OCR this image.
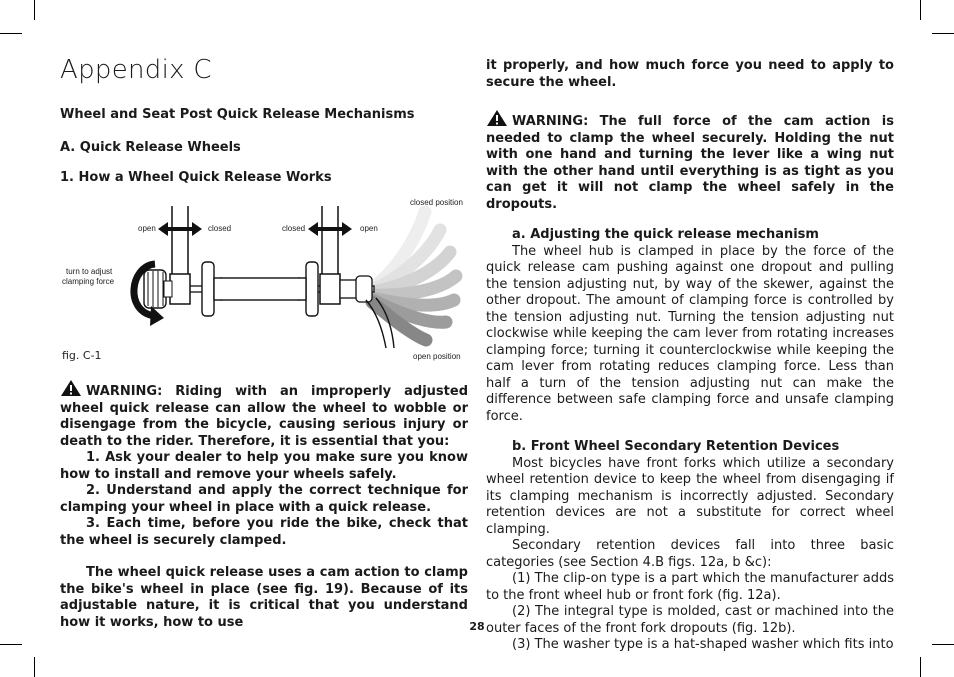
Appendix C

Wheel and Seat Post Quick Release Mechanisms

A. Quick Release Wheels

1. How a Wheel Quick Release Works

open	closed	closed	open
closed position
open position
turn to adjust
clamping force
fig. C-1

WARNING: Riding with an improperly adjusted wheel quick release can allow the wheel to wobble or disengage from the bicycle, causing serious injury or death to the rider. Therefore, it is essential that you:

1. Ask your dealer to help you make sure you know how to install and remove your wheels safely.

2. Understand and apply the correct technique for clamping your wheel in place with a quick release.

3. Each time, before you ride the bike, check that the wheel is securely clamped.

The wheel quick release uses a cam action to clamp the bike's wheel in place (see fig. 19). Because of its adjustable nature, it is critical that you understand how it works, how to use

it properly, and how much force you need to apply to secure the wheel.

WARNING: The full force of the cam action is needed to clamp the wheel securely. Holding the nut with one hand and turning the lever like a wing nut with the other hand until everything is as tight as you can get it will not clamp the wheel safely in the dropouts.

a. Adjusting the quick release mechanism

The wheel hub is clamped in place by the force of the quick release cam pushing against one dropout and pulling the tension adjusting nut, by way of the skewer, against the other dropout. The amount of clamping force is controlled by the tension adjusting nut. Turning the tension adjusting nut clockwise while keeping the cam lever from rotating increases clamping force; turning it counterclockwise while keeping the cam lever from rotating reduces clamping force. Less than half a turn of the tension adjusting nut can make the difference between safe clamping force and unsafe clamping force.

b. Front Wheel Secondary Retention Devices

Most bicycles have front forks which utilize a secondary wheel retention device to keep the wheel from disengaging if its clamping mechanism is incorrectly adjusted. Secondary retention devices are not a substitute for correct wheel clamping.

Secondary retention devices fall into three basic categories (see Section 4.B figs. 12a, b &c):

(1) The clip-on type is a part which the manufacturer adds to the front wheel hub or front fork (fig. 12a).

(2) The integral type is molded, cast or machined into the outer faces of the front fork dropouts (fig. 12b).

(3) The washer type is a hat-shaped washer which fits into

28
